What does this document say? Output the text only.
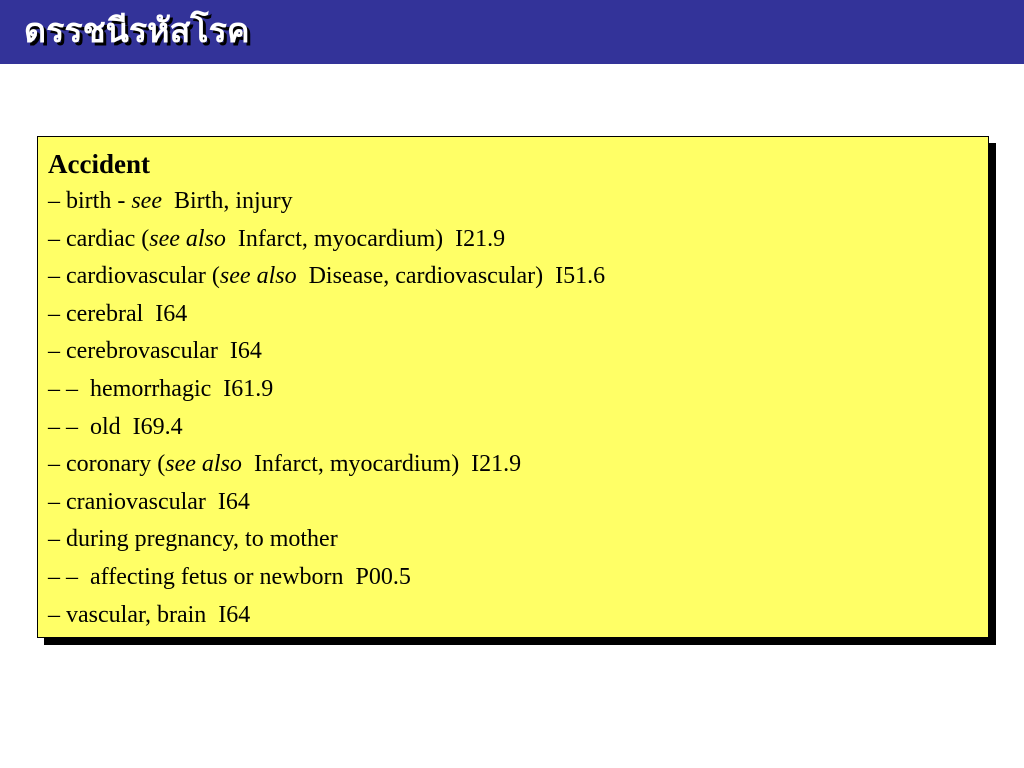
ดรรชนีรหัสโรค
Accident
– birth - see  Birth, injury
– cardiac (see also  Infarct, myocardium)  I21.9
– cardiovascular (see also  Disease, cardiovascular)  I51.6
– cerebral  I64
– cerebrovascular  I64
– –  hemorrhagic  I61.9
– –  old  I69.4
– coronary (see also  Infarct, myocardium)  I21.9
– craniovascular  I64
– during pregnancy, to mother
– –  affecting fetus or newborn  P00.5
– vascular, brain  I64
